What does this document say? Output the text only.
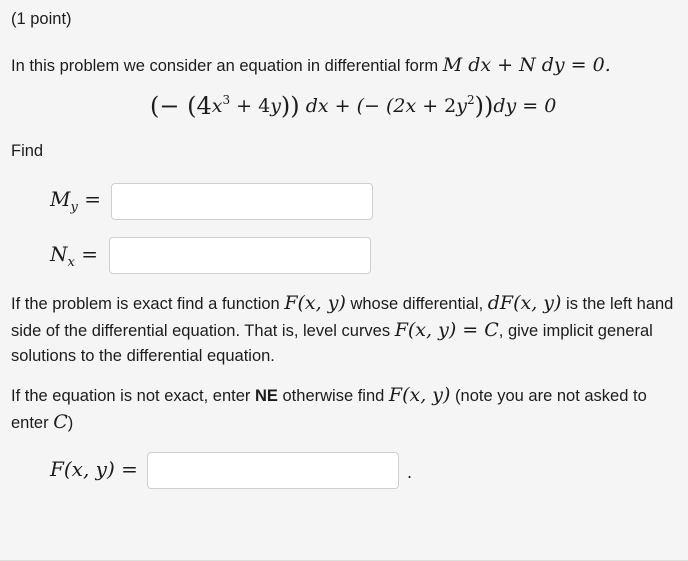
(1 point)
In this problem we consider an equation in differential form M dx + N dy = 0.
(− $(4x^3 + 4y)$) dx + (− $(2x + 2y^2))dy = 0$
Find
$M_y$ =
$N_x$ =
If the problem is exact find a function F(x, y) whose differential, dF(x, y) is the left hand side of the differential equation. That is, level curves F(x, y) = C, give implicit general solutions to the differential equation.
If the equation is not exact, enter NE otherwise find F(x, y) (note you are not asked to enter C)
F(x, y) =	.
